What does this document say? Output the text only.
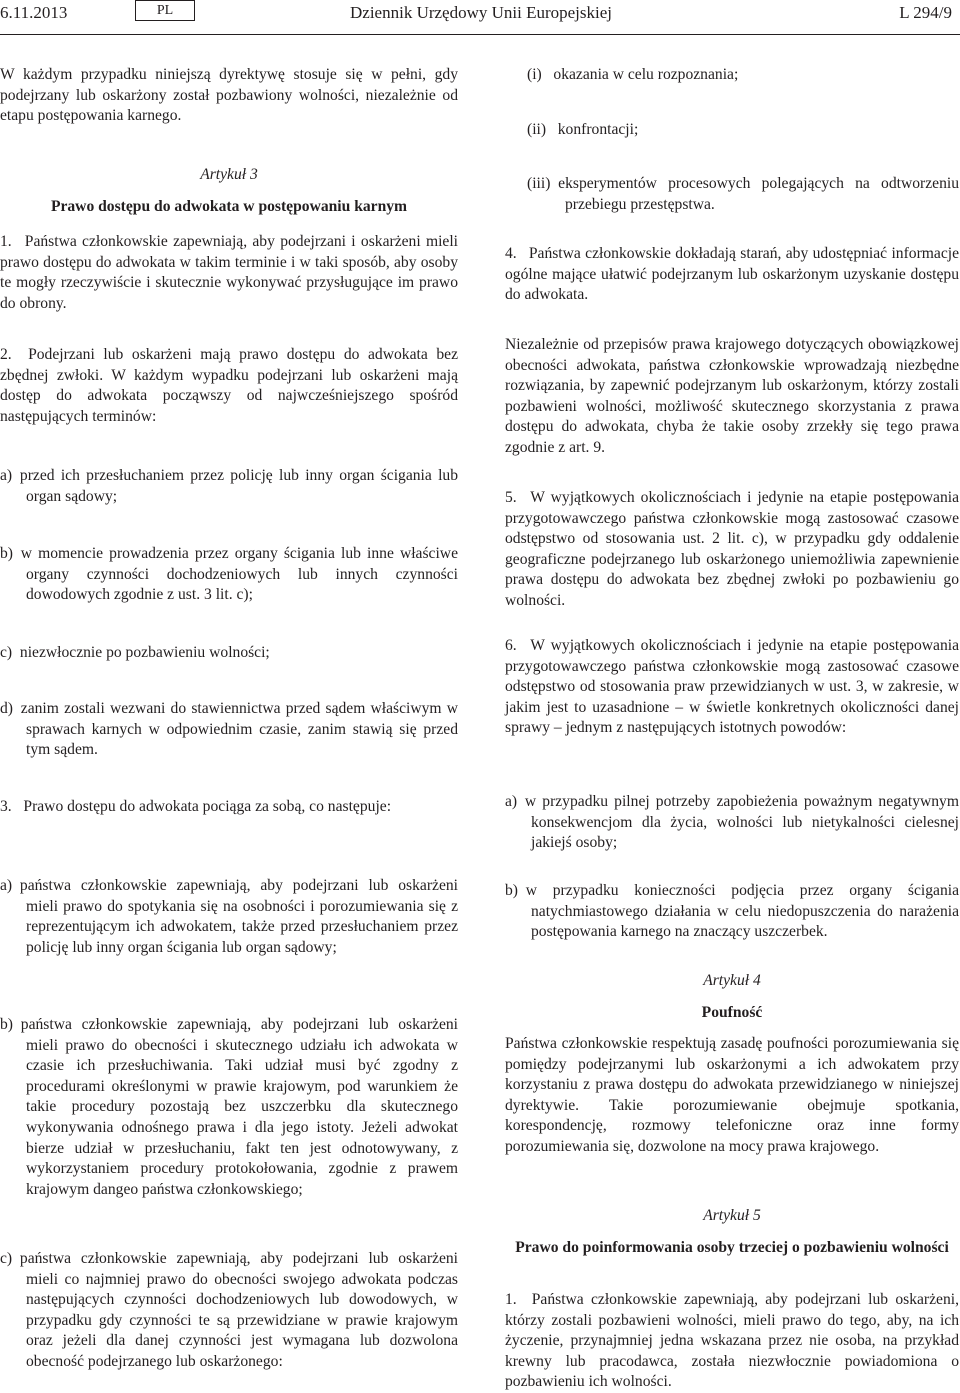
6.11.2013	PL	Dziennik Urzędowy Unii Europejskiej	L 294/9

W każdym przypadku niniejszą dyrektywę stosuje się w pełni, gdy podejrzany lub oskarżony został pozbawiony wolności, niezależnie od etapu postępowania karnego.

Artykuł 3
Prawo dostępu do adwokata w postępowaniu karnym

1.  Państwa członkowskie zapewniają, aby podejrzani i oskarżeni mieli prawo dostępu do adwokata w takim terminie i w taki sposób, aby osoby te mogły rzeczywiście i skutecznie wykonywać przysługujące im prawo do obrony.

2.  Podejrzani lub oskarżeni mają prawo dostępu do adwokata bez zbędnej zwłoki. W każdym wypadku podejrzani lub oskarżeni mają dostęp do adwokata począwszy od najwcześniejszego spośród następujących terminów:

a) przed ich przesłuchaniem przez policję lub inny organ ścigania lub organ sądowy;

b) w momencie prowadzenia przez organy ścigania lub inne właściwe organy czynności dochodzeniowych lub innych czynności dowodowych zgodnie z ust. 3 lit. c);

c) niezwłocznie po pozbawieniu wolności;

d) zanim zostali wezwani do stawiennictwa przed sądem właściwym w sprawach karnych w odpowiednim czasie, zanim stawią się przed tym sądem.

3.  Prawo dostępu do adwokata pociąga za sobą, co następuje:

a) państwa członkowskie zapewniają, aby podejrzani lub oskarżeni mieli prawo do spotykania się na osobności i porozumiewania się z reprezentującym ich adwokatem, także przed przesłuchaniem przez policję lub inny organ ścigania lub organ sądowy;

b) państwa członkowskie zapewniają, aby podejrzani lub oskarżeni mieli prawo do obecności i skutecznego udziału ich adwokata w czasie ich przesłuchiwania. Taki udział musi być zgodny z procedurami określonymi w prawie krajowym, pod warunkiem że takie procedury pozostają bez uszczerbku dla skutecznego wykonywania odnośnego prawa i dla jego istoty. Jeżeli adwokat bierze udział w przesłuchaniu, fakt ten jest odnotowywany, z wykorzystaniem procedury protokołowania, zgodnie z prawem krajowym dangeo państwa członkowskiego;

c) państwa członkowskie zapewniają, aby podejrzani lub oskarżeni mieli co najmniej prawo do obecności swojego adwokata podczas następujących czynności dochodzeniowych lub dowodowych, w przypadku gdy czynności te są przewidziane w prawie krajowym oraz jeżeli dla danej czynności jest wymagana lub dozwolona obecność podejrzanego lub oskarżonego:

(i)  okazania w celu rozpoznania;

(ii)  konfrontacji;

(iii) eksperymentów procesowych polegających na odtworzeniu przebiegu przestępstwa.

4.  Państwa członkowskie dokładają starań, aby udostępniać informacje ogólne mające ułatwić podejrzanym lub oskarżonym uzyskanie dostępu do adwokata.

Niezależnie od przepisów prawa krajowego dotyczących obowiązkowej obecności adwokata, państwa członkowskie wprowadzają niezbędne rozwiązania, by zapewnić podejrzanym lub oskarżonym, którzy zostali pozbawieni wolności, możliwość skutecznego skorzystania z prawa dostępu do adwokata, chyba że takie osoby zrzekły się tego prawa zgodnie z art. 9.

5.  W wyjątkowych okolicznościach i jedynie na etapie postępowania przygotowawczego państwa członkowskie mogą zastosować czasowe odstępstwo od stosowania ust. 2 lit. c), w przypadku gdy oddalenie geograficzne podejrzanego lub oskarżonego uniemożliwia zapewnienie prawa dostępu do adwokata bez zbędnej zwłoki po pozbawieniu go wolności.

6.  W wyjątkowych okolicznościach i jedynie na etapie postępowania przygotowawczego państwa członkowskie mogą zastosować czasowe odstępstwo od stosowania praw przewidzianych w ust. 3, w zakresie, w jakim jest to uzasadnione – w świetle konkretnych okoliczności danej sprawy – jednym z następujących istotnych powodów:

a) w przypadku pilnej potrzeby zapobieżenia poważnym negatywnym konsekwencjom dla życia, wolności lub nietykalności cielesnej jakiejś osoby;

b) w przypadku konieczności podjęcia przez organy ścigania natychmiastowego działania w celu niedopuszczenia do narażenia postępowania karnego na znaczący uszczerbek.

Artykuł 4
Poufność

Państwa członkowskie respektują zasadę poufności porozumiewania się pomiędzy podejrzanymi lub oskarżonymi a ich adwokatem przy korzystaniu z prawa dostępu do adwokata przewidzianego w niniejszej dyrektywie. Takie porozumiewanie obejmuje spotkania, korespondencję, rozmowy telefoniczne oraz inne formy porozumiewania się, dozwolone na mocy prawa krajowego.

Artykuł 5
Prawo do poinformowania osoby trzeciej o pozbawieniu wolności

1.  Państwa członkowskie zapewniają, aby podejrzani lub oskarżeni, którzy zostali pozbawieni wolności, mieli prawo do tego, aby, na ich życzenie, przynajmniej jedna wskazana przez nie osoba, na przykład krewny lub pracodawca, została niezwłocznie powiadomiona o pozbawieniu ich wolności.
